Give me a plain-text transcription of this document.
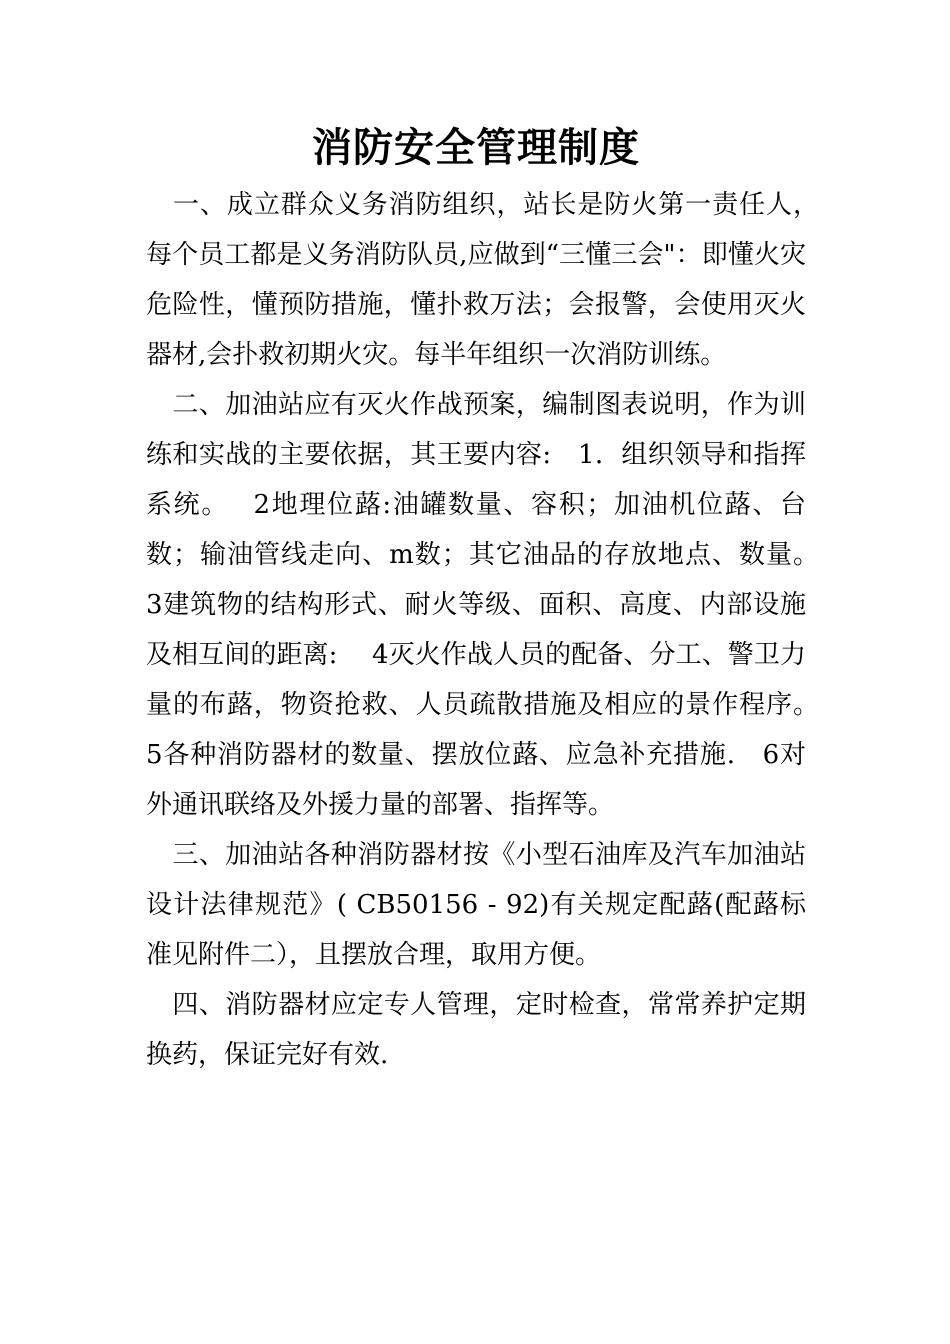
消防安全管理制度

　一、成立群众义务消防组织，站长是防火第一责任人，　　每个员工都是义务消防队员,应做到“三懂三会"：即懂火灾危险性，懂预防措施，懂扑救万法；会报警，会使用灭火器材,会扑救初期火灾。每半年组织一次消防训练。

　二、加油站应有灭火作战预案，编制图表说明，作为训　练和实战的主要依据，其王要内容:　1．组织领导和指挥系统。　 2地理位蕗:油罐数量、容积；加油机位蕗、台数；输油管线走向、m数；其它油品的存放地点、数量。　 3建筑物的结构形式、耐火等级、面积、高度、内部设施及相互间的距离:　 4灭火作战人员的配备、分工、警卫力量的布蕗，物资抢救、人员疏散措施及相应的景作程序。　 5各种消防器材的数量、摆放位蕗、应急补充措施.　6对外通讯联络及外援力量的部署、指挥等。

　三、加油站各种消防器材按《小型石油库及汽车加油站设计法律规范》( CB50156 - 92)有关规定配蕗(配蕗标准见附件二），且摆放合理，取用方便。

　四、消防器材应定专人管理，定时检查，常常养护定期换药，保证完好有效.
